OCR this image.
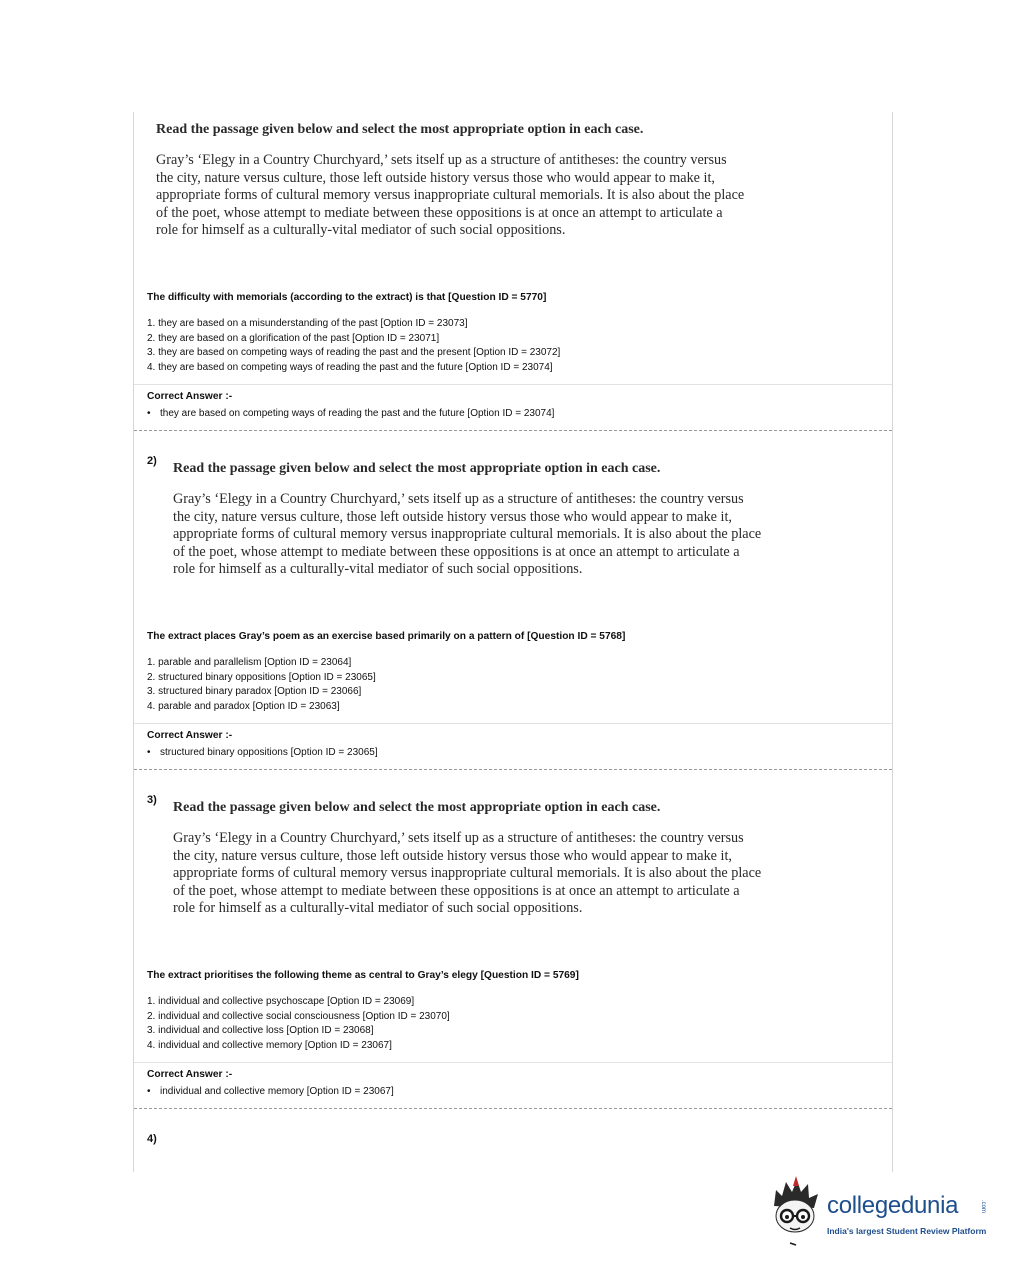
Read the passage given below and select the most appropriate option in each case.

Gray’s ‘Elegy in a Country Churchyard,’ sets itself up as a structure of antitheses: the country versus the city, nature versus culture, those left outside history versus those who would appear to make it, appropriate forms of cultural memory versus inappropriate cultural memorials. It is also about the place of the poet, whose attempt to mediate between these oppositions is at once an attempt to articulate a role for himself as a culturally-vital mediator of such social oppositions.

The difficulty with memorials (according to the extract) is that [Question ID = 5770]
1. they are based on a misunderstanding of the past [Option ID = 23073]
2. they are based on a glorification of the past [Option ID = 23071]
3. they are based on competing ways of reading the past and the present [Option ID = 23072]
4. they are based on competing ways of reading the past and the future [Option ID = 23074]
Correct Answer :-
• they are based on competing ways of reading the past and the future [Option ID = 23074]
2) Read the passage given below and select the most appropriate option in each case.

Gray’s ‘Elegy in a Country Churchyard,’ sets itself up as a structure of antitheses: the country versus the city, nature versus culture, those left outside history versus those who would appear to make it, appropriate forms of cultural memory versus inappropriate cultural memorials. It is also about the place of the poet, whose attempt to mediate between these oppositions is at once an attempt to articulate a role for himself as a culturally-vital mediator of such social oppositions.

The extract places Gray’s poem as an exercise based primarily on a pattern of [Question ID = 5768]
1. parable and parallelism [Option ID = 23064]
2. structured binary oppositions [Option ID = 23065]
3. structured binary paradox [Option ID = 23066]
4. parable and paradox [Option ID = 23063]
Correct Answer :-
• structured binary oppositions [Option ID = 23065]
3) Read the passage given below and select the most appropriate option in each case.

Gray’s ‘Elegy in a Country Churchyard,’ sets itself up as a structure of antitheses: the country versus the city, nature versus culture, those left outside history versus those who would appear to make it, appropriate forms of cultural memory versus inappropriate cultural memorials. It is also about the place of the poet, whose attempt to mediate between these oppositions is at once an attempt to articulate a role for himself as a culturally-vital mediator of such social oppositions.

The extract prioritises the following theme as central to Gray’s elegy [Question ID = 5769]
1. individual and collective psychoscape [Option ID = 23069]
2. individual and collective social consciousness [Option ID = 23070]
3. individual and collective loss [Option ID = 23068]
4. individual and collective memory [Option ID = 23067]
Correct Answer :-
• individual and collective memory [Option ID = 23067]
4)
collegedunia	.com
India's largest Student Review Platform
